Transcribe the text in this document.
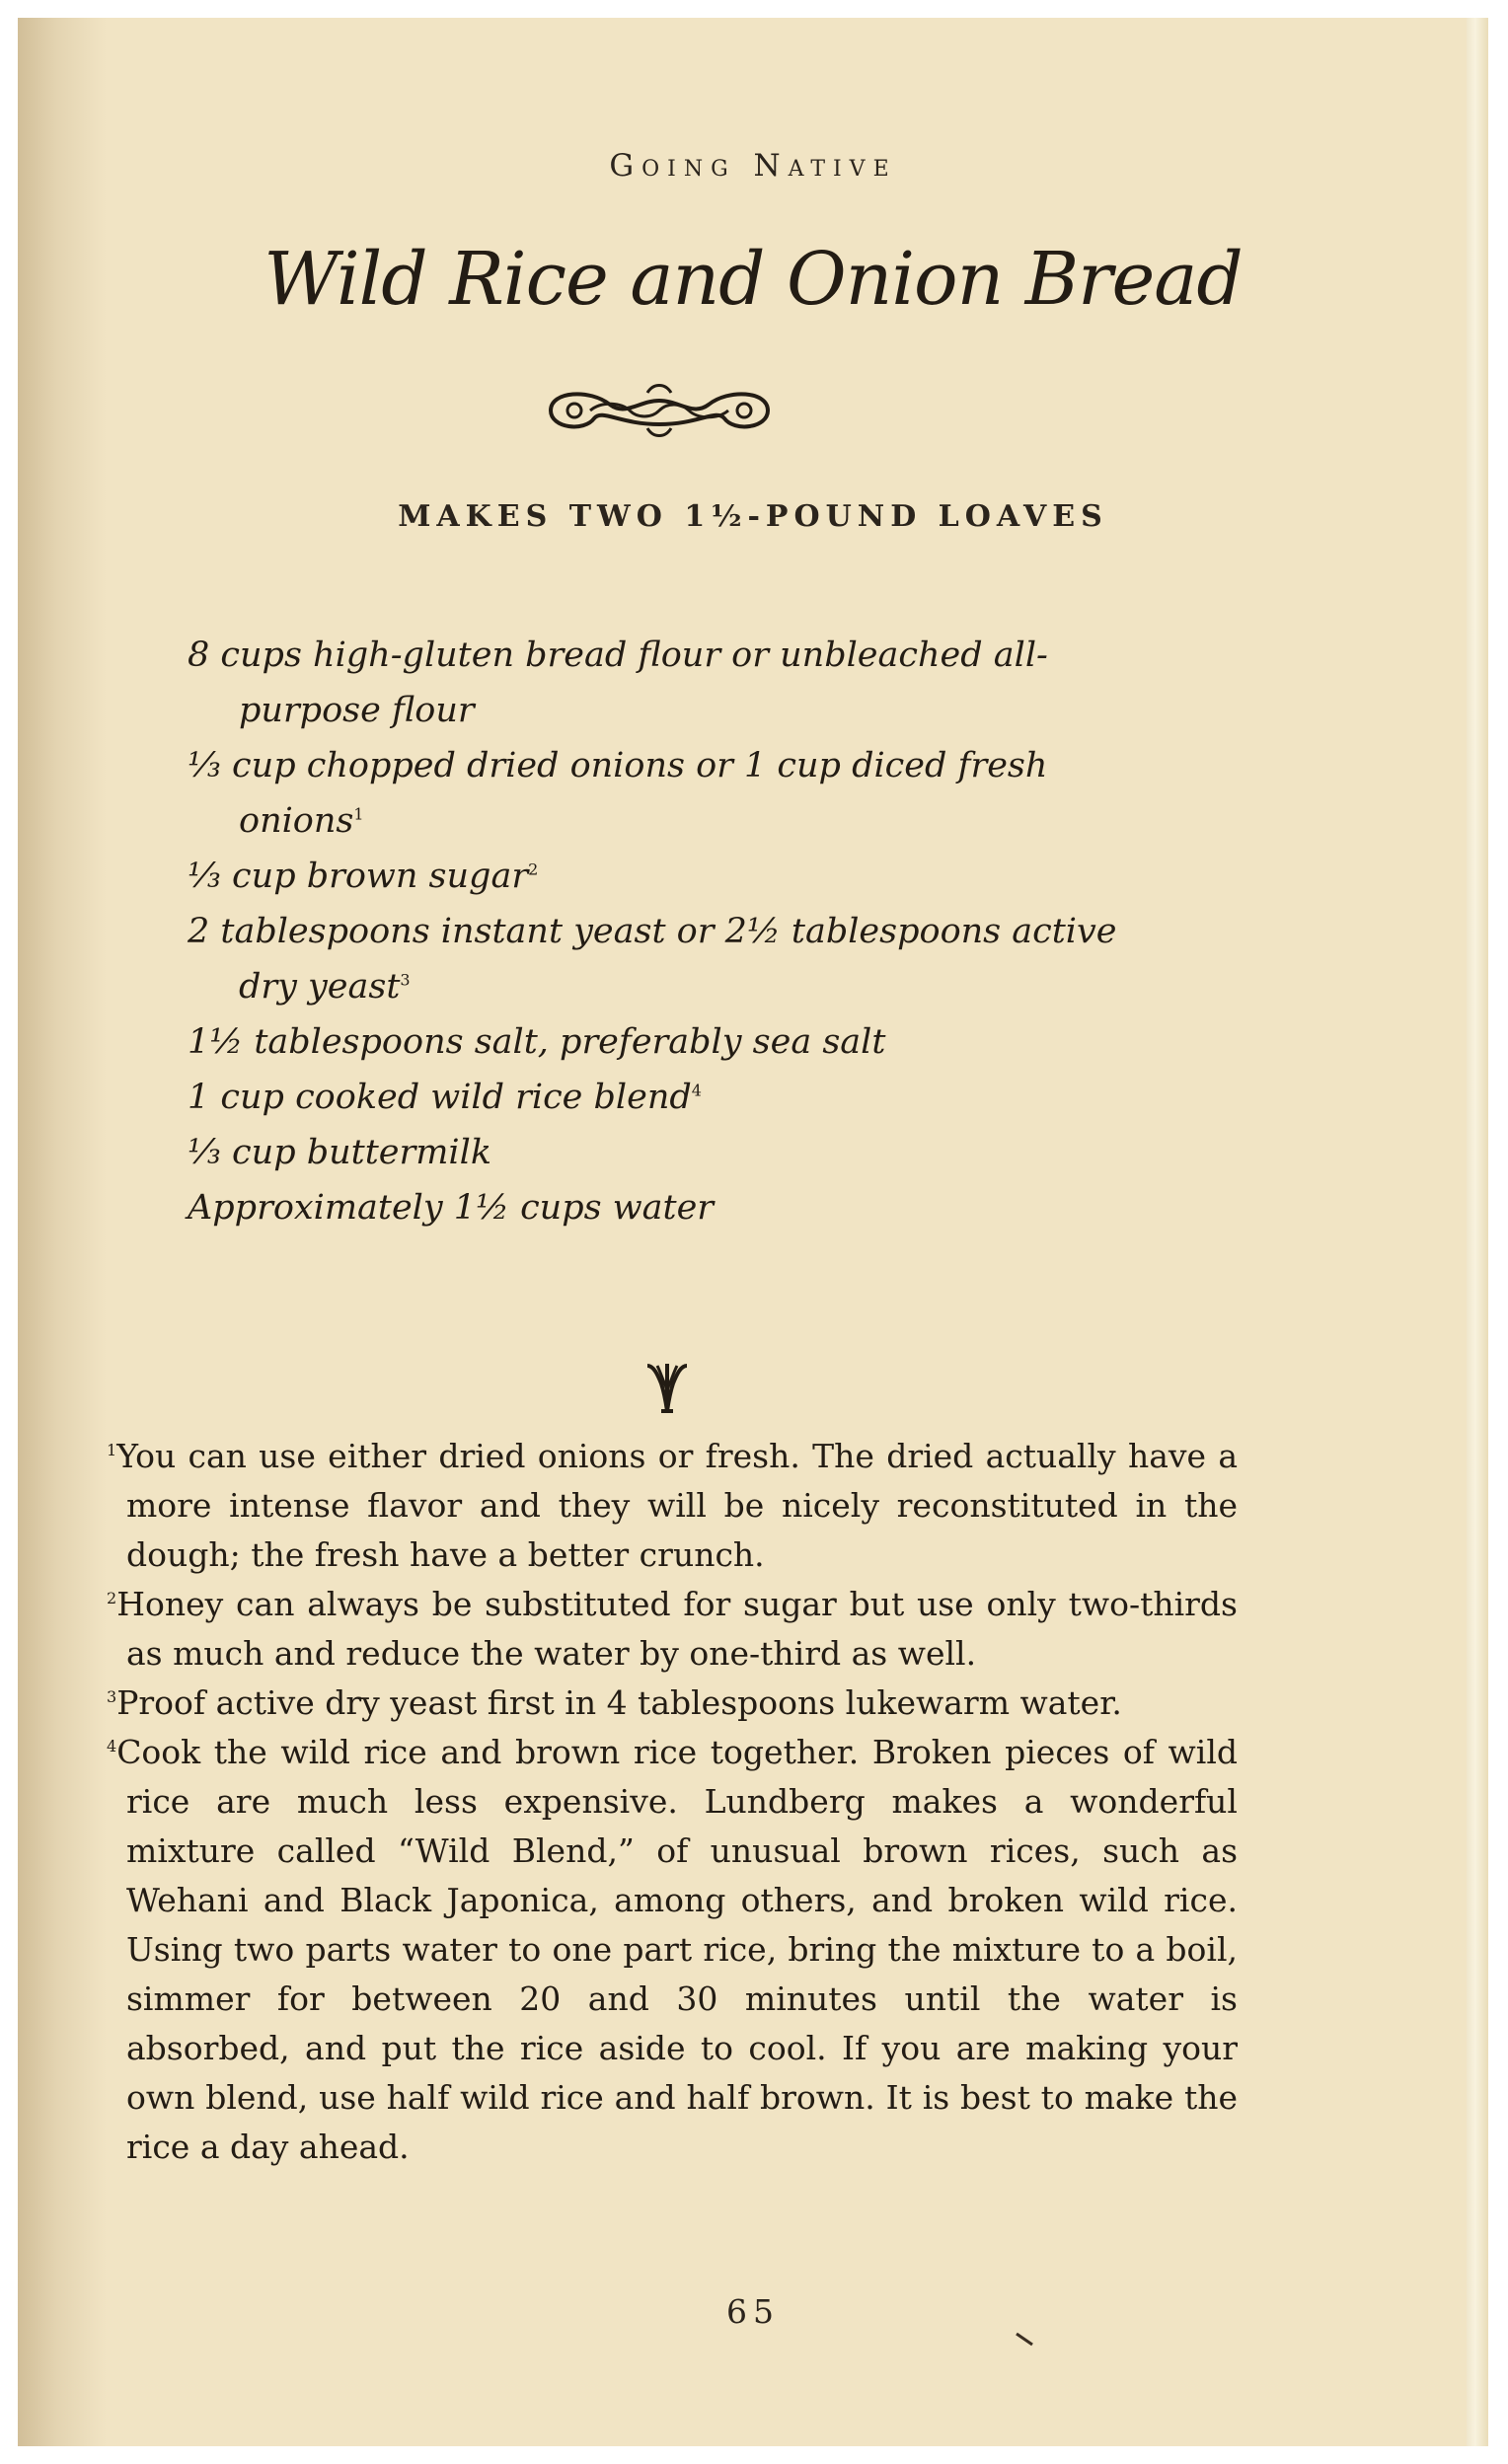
Going Native
Wild Rice and Onion Bread
MAKES TWO 1½-POUND LOAVES

8 cups high-gluten bread flour or unbleached all-purpose flour

⅓ cup chopped dried onions or 1 cup diced fresh onions$^1$

⅓ cup brown sugar$^2$

2 tablespoons instant yeast or 2½ tablespoons active dry yeast$^3$

1½ tablespoons salt, preferably sea salt

1 cup cooked wild rice blend$^4$

⅓ cup buttermilk

Approximately 1½ cups water

$^1$You can use either dried onions or fresh. The dried actually have a more intense flavor and they will be nicely reconstituted in the dough; the fresh have a better crunch.

$^2$Honey can always be substituted for sugar but use only two-thirds as much and reduce the water by one-third as well.

$^3$Proof active dry yeast first in 4 tablespoons lukewarm water.

$^4$Cook the wild rice and brown rice together. Broken pieces of wild rice are much less expensive. Lundberg makes a wonderful mixture called “Wild Blend,” of unusual brown rices, such as Wehani and Black Japonica, among others, and broken wild rice. Using two parts water to one part rice, bring the mixture to a boil, simmer for between 20 and 30 minutes until the water is absorbed, and put the rice aside to cool. If you are making your own blend, use half wild rice and half brown. It is best to make the rice a day ahead.

65
